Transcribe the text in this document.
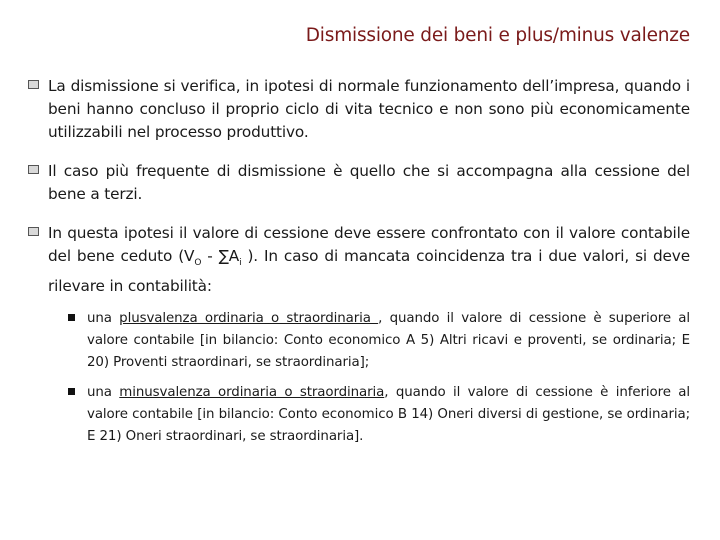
Dismissione dei beni e plus/minus valenze
La dismissione si verifica, in ipotesi di normale funzionamento dell’impresa, quando i beni hanno concluso il proprio ciclo di vita tecnico e non sono più economicamente utilizzabili nel processo produttivo.
Il caso più frequente di dismissione è quello che si accompagna alla cessione del bene a terzi.
In questa ipotesi il valore di cessione deve essere confrontato con il valore contabile del bene ceduto ($V_O - \sum A_i$ ). In caso di mancata coincidenza tra i due valori, si deve rilevare in contabilità:
una plusvalenza ordinaria o straordinaria , quando il valore di cessione è superiore al valore contabile [in bilancio: Conto economico A 5) Altri ricavi e proventi, se ordinaria; E 20) Proventi straordinari, se straordinaria];
una minusvalenza ordinaria o straordinaria, quando il valore di cessione è inferiore al valore contabile [in bilancio: Conto economico B 14) Oneri diversi di gestione, se ordinaria; E 21) Oneri straordinari, se straordinaria].
